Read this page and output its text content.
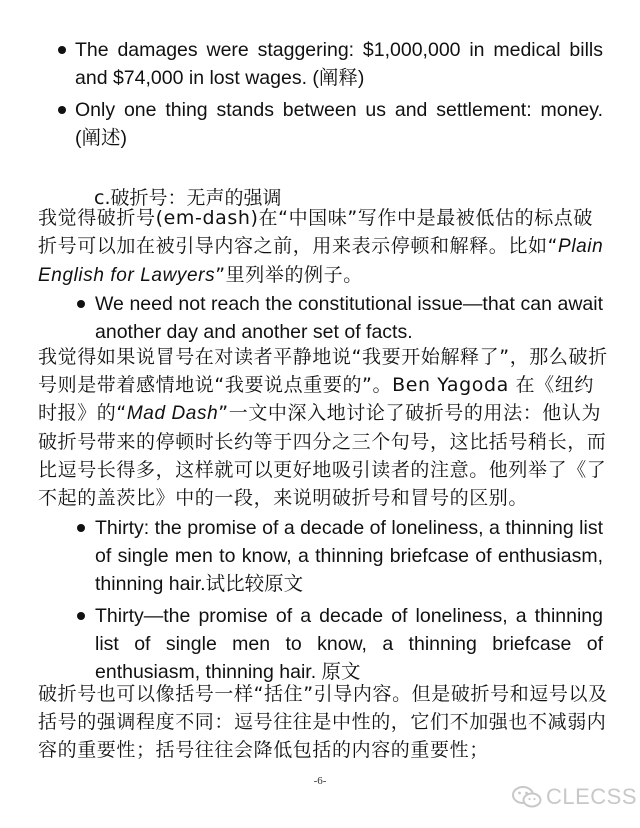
The damages were staggering: $1,000,000 in medical bills and $74,000 in lost wages. (阐释)
Only one thing stands between us and settlement: money. (阐述)
c.破折号：无声的强调

我觉得破折号(em-dash)在“中国味”写作中是最被低估的标点破折号可以加在被引导内容之前，用来表示停顿和解释。比如“Plain English for Lawyers”里列举的例子。

We need not reach the constitutional issue—that can await another day and another set of facts.

我觉得如果说冒号在对读者平静地说“我要开始解释了”，那么破折号则是带着感情地说“我要说点重要的”。Ben Yagoda 在《纽约时报》的“Mad Dash”一文中深入地讨论了破折号的用法：他认为破折号带来的停顿时长约等于四分之三个句号，这比括号稍长，而比逗号长得多，这样就可以更好地吸引读者的注意。他列举了《了不起的盖茨比》中的一段，来说明破折号和冒号的区别。

Thirty: the promise of a decade of loneliness, a thinning list of single men to know, a thinning briefcase of enthusiasm, thinning hair.试比较原文
Thirty—the promise of a decade of loneliness, a thinning list of single men to know, a thinning briefcase of enthusiasm, thinning hair. 原文

破折号也可以像括号一样“括住”引导内容。但是破折号和逗号以及括号的强调程度不同：逗号往往是中性的，它们不加强也不减弱内容的重要性；括号往往会降低包括的内容的重要性；

-6-
CLECSS
